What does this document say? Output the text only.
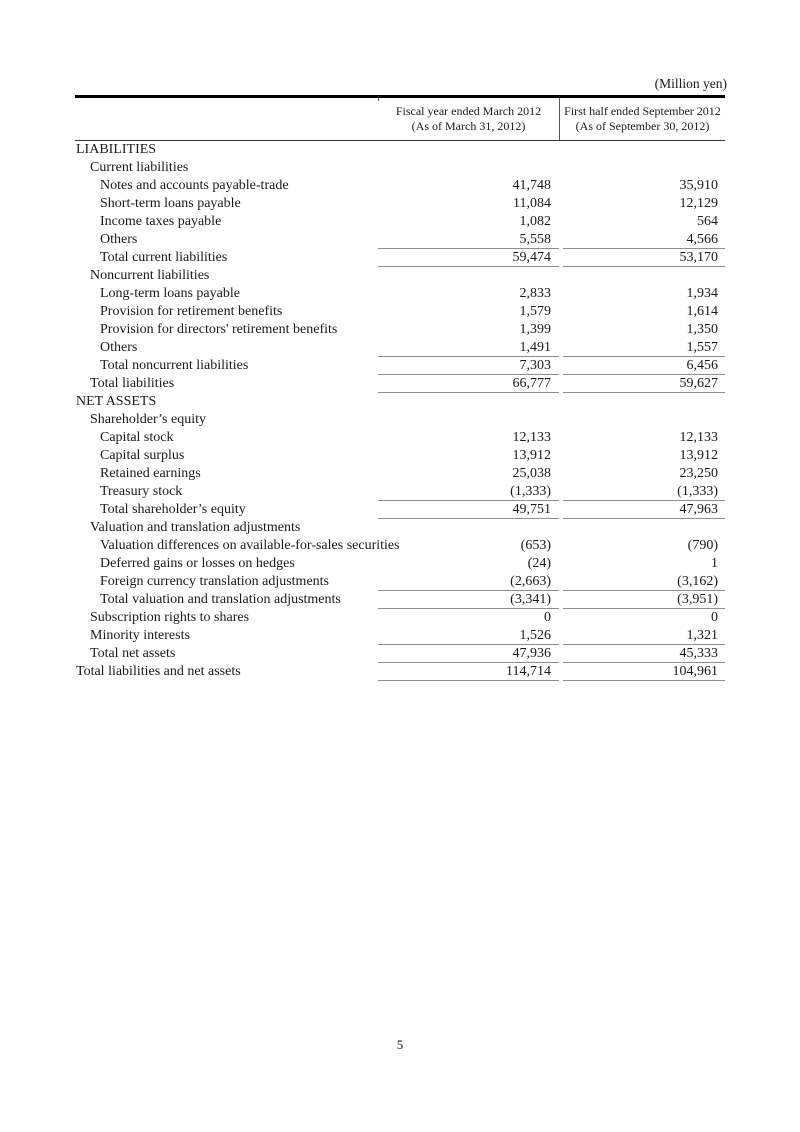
(Million yen)
Fiscal year ended March 2012
(As of March 31, 2012)
First half ended September 2012
(As of September 30, 2012)
LIABILITIES
Current liabilities
Notes and accounts payable-trade	41,748	35,910
Short-term loans payable	11,084	12,129
Income taxes payable	1,082	564
Others	5,558	4,566
Total current liabilities	59,474	53,170
Noncurrent liabilities
Long-term loans payable	2,833	1,934
Provision for retirement benefits	1,579	1,614
Provision for directors' retirement benefits	1,399	1,350
Others	1,491	1,557
Total noncurrent liabilities	7,303	6,456
Total liabilities	66,777	59,627
NET ASSETS
Shareholder’s equity
Capital stock	12,133	12,133
Capital surplus	13,912	13,912
Retained earnings	25,038	23,250
Treasury stock	(1,333)	(1,333)
Total shareholder’s equity	49,751	47,963
Valuation and translation adjustments
Valuation differences on available-for-sales securities	(653)	(790)
Deferred gains or losses on hedges	(24)	1
Foreign currency translation adjustments	(2,663)	(3,162)
Total valuation and translation adjustments	(3,341)	(3,951)
Subscription rights to shares	0	0
Minority interests	1,526	1,321
Total net assets	47,936	45,333
Total liabilities and net assets	114,714	104,961
5
